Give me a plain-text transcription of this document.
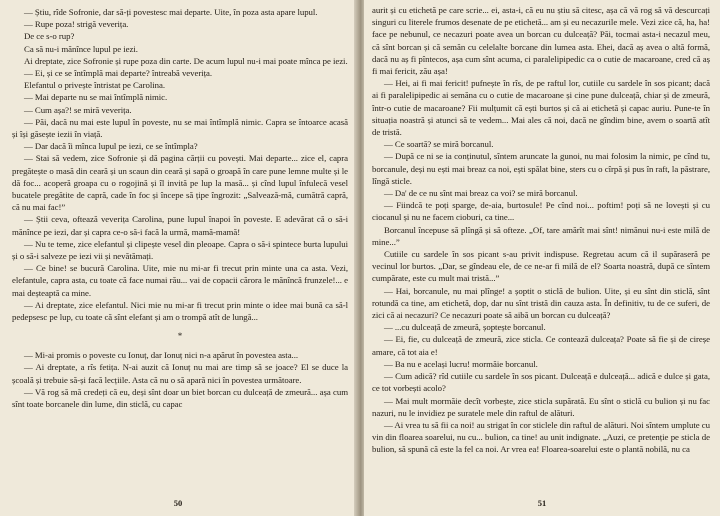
— Știu, rîde Sofronie, dar să-ți povestesc mai departe. Uite, în poza asta apare lupul.

— Rupe poza! strigă veverița.

De ce s-o rup?

Ca să nu-i mănînce lupul pe iezi.

Ai dreptate, zice Sofronie și rupe poza din carte. De acum lupul nu-i mai poate mînca pe iezi.

— Ei, și ce se întîmplă mai departe? întreabă veverița.

Elefantul o privește întristat pe Carolina.

— Mai departe nu se mai întîmplă nimic.

— Cum așa?! se miră veverița.

— Păi, dacă nu mai este lupul în poveste, nu se mai întîmplă nimic. Capra se întoarce acasă și își găsește iezii în viață.

— Dar dacă îi mînca lupul pe iezi, ce se întîmpla?

— Stai să vedem, zice Sofronie și dă pagina cărții cu povești. Mai departe... zice el, capra pregătește o masă din ceară și un scaun din ceară și sapă o groapă în care pune lemne multe și le dă foc... acoperă groapa cu o rogojină și îl invită pe lup la masă... și cînd lupul înfulecă vesel bucatele pregătite de capră, cade în foc și începe să țipe îngrozit: „Salvează-mă, cumătră capră, că nu mai fac!”

— Știi ceva, oftează veverița Carolina, pune lupul înapoi în poveste. E adevărat că o să-i mănînce pe iezi, dar și capra ce-o să-i facă la urmă, mamă-mamă!

— Nu te teme, zice elefantul și clipește vesel din pleoape. Capra o să-i spintece burta lupului și o să-i salveze pe iezi vii și nevătămați.

— Ce bine! se bucură Carolina. Uite, mie nu mi-ar fi trecut prin minte una ca asta. Vezi, elefantule, capra asta, cu toate că face numai rău... vai de copacii cărora le mănîncă frunzele!... e mai deșteaptă ca mine.

— Ai dreptate, zice elefantul. Nici mie nu mi-ar fi trecut prin minte o idee mai bună ca să-l pedepsesc pe lup, cu toate că sînt elefant și am o trompă atît de lungă...

*

— Mi-ai promis o poveste cu Ionuț, dar Ionuț nici n-a apărut în povestea asta...

— Ai dreptate, a rîs fetița. N-ai auzit că Ionuț nu mai are timp să se joace? El se duce la școală și trebuie să-și facă lecțiile. Asta că nu o să apară nici în povestea următoare.

— Vă rog să mă credeți că eu, deși sînt doar un biet borcan cu dulceață de zmeură... așa cum sînt toate borcanele din lume, din sticlă, cu capac

50

aurit și cu etichetă pe care scrie... ei, asta-i, că eu nu știu să citesc, așa că vă rog să vă descurcați singuri cu literele frumos desenate de pe etichetă... am și eu necazurile mele. Vezi zice că, ha, ha! face pe nebunul, ce necazuri poate avea un borcan cu dulceață? Păi, tocmai asta-i necazul meu, că sînt borcan și că semăn cu celelalte borcane din lumea asta. Ehei, dacă aș avea o altă formă, dacă nu aș fi pîntecos, așa cum sînt acuma, ci paralelipipedic ca o cutie de macaroane, cred că aș fi mai fericit, zău așa!

— Hei, ai fi mai fericit! pufnește în rîs, de pe raftul lor, cutiile cu sardele în sos picant; dacă ai fi paralelipipedic ai semăna cu o cutie de macaroane și cine pune dulceață, chiar și de zmeură, într-o cutie de macaroane? Fii mulțumit că ești burtos și că ai etichetă și capac auriu. Pune-te în situația noastră și atunci să te vedem... Mai ales că noi, dacă ne gîndim bine, avem o soartă atît de tristă.

— Ce soartă? se miră borcanul.

— După ce ni se ia conținutul, sîntem aruncate la gunoi, nu mai folosim la nimic, pe cînd tu, borcanule, deși nu ești mai breaz ca noi, ești spălat bine, sters cu o cîrpă și pus în raft, la păstrare, lîngă sticle.

— Da' de ce nu sînt mai breaz ca voi? se miră borcanul.

— Fiindcă te poți sparge, de-aia, burtosule! Pe cînd noi... poftim! poți să ne lovești și cu ciocanul și nu ne facem cioburi, ca tine...

Borcanul începuse să plîngă și să ofteze. „Of, tare amărît mai sînt! nimănui nu-i este milă de mine...”

Cutiile cu sardele în sos picant s-au privit indispuse. Regretau acum că il supăraseră pe vecinul lor burtos. „Dar, se gîndeau ele, de ce ne-ar fi milă de el? Soarta noastră, după ce sîntem cumpărate, este cu mult mai tristă...”

— Hai, borcanule, nu mai plînge! a șoptit o sticlă de bulion. Uite, și eu sînt din sticlă, sînt rotundă ca tine, am etichetă, dop, dar nu sînt tristă din cauza asta. În definitiv, tu de ce suferi, de zici că ai necazuri? Ce necazuri poate să aibă un borcan cu dulceață?

— ...cu dulceață de zmeură, șoptește borcanul.

— Ei, fie, cu dulceață de zmeură, zice sticla. Ce contează dulceața? Poate să fie și de cireșe amare, că tot aia e!

— Ba nu e același lucru! mormăie borcanul.

— Cum adică? rîd cutiile cu sardele în sos picant. Dulceață e dulceață... adică e dulce și gata, ce tot vorbești acolo?

— Mai mult mormăie decît vorbește, zice sticla supărată. Eu sînt o sticlă cu bulion și nu fac nazuri, nu le invidiez pe suratele mele din raftul de alături.

— Ai vrea tu să fii ca noi! au strigat în cor sticlele din raftul de alături. Noi sîntem umplute cu vin din floarea soarelui, nu cu... bulion, ca tine! au unit indignate. „Auzi, ce pretenție pe sticla de bulion, să spună că este la fel ca noi. Ar vrea ea! Floarea-soarelui este o plantă nobilă, nu ca

51
